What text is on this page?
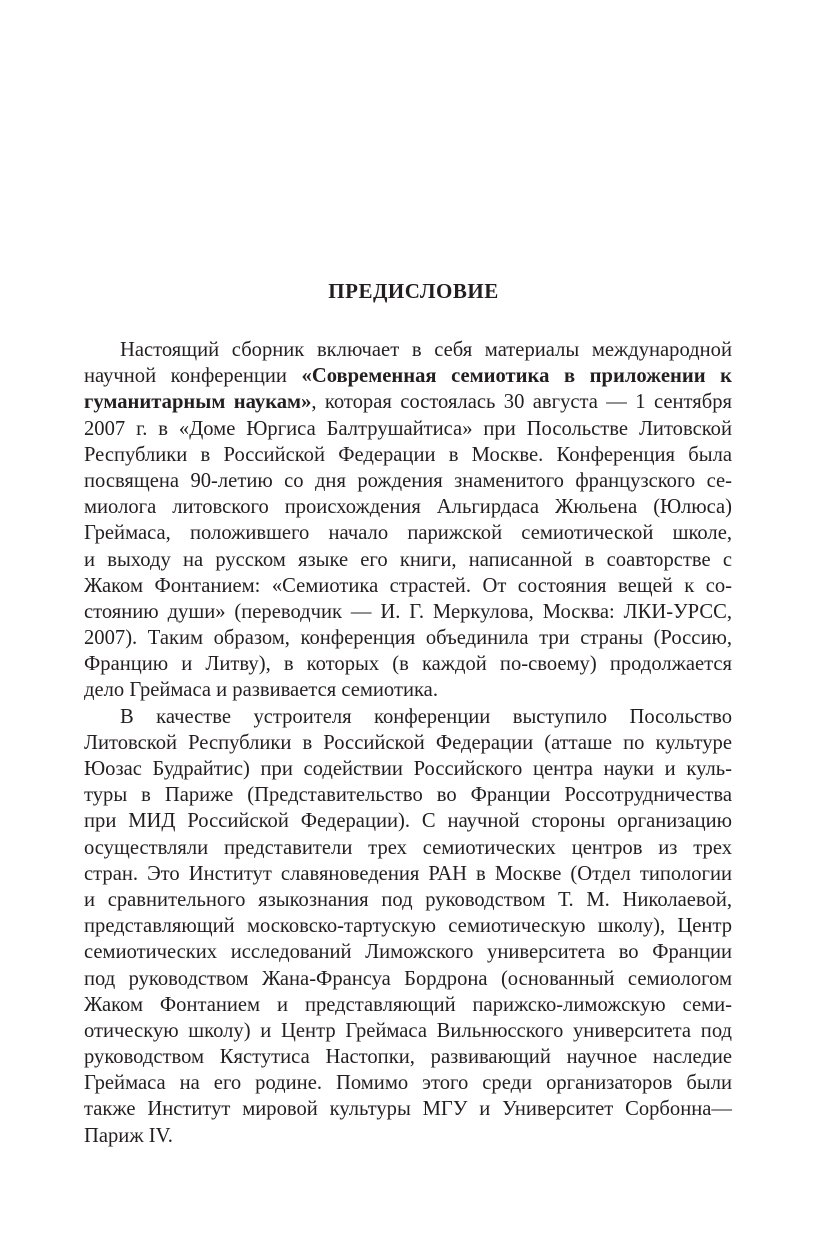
ПРЕДИСЛОВИЕ
Настоящий сборник включает в себя материалы международной
научной конференции «Современная семиотика в приложении к
гуманитарным наукам», которая состоялась 30 августа — 1 сентября
2007 г. в «Доме Юргиса Балтрушайтиса» при Посольстве Литовской
Республики в Российской Федерации в Москве. Конференция была
посвящена 90-летию со дня рождения знаменитого французского се-
миолога литовского происхождения Альгирдаса Жюльена (Юлюса)
Греймаса, положившего начало парижской семиотической школе,
и выходу на русском языке его книги, написанной в соавторстве с
Жаком Фонтанием: «Семиотика страстей. От состояния вещей к со-
стоянию души» (переводчик — И. Г. Меркулова, Москва: ЛКИ-УРСС,
2007). Таким образом, конференция объединила три страны (Россию,
Францию и Литву), в которых (в каждой по-своему) продолжается
дело Греймаса и развивается семиотика.
В качестве устроителя конференции выступило Посольство
Литовской Республики в Российской Федерации (атташе по культуре
Юозас Будрайтис) при содействии Российского центра науки и куль-
туры в Париже (Представительство во Франции Россотрудничества
при МИД Российской Федерации). С научной стороны организацию
осуществляли представители трех семиотических центров из трех
стран. Это Институт славяноведения РАН в Москве (Отдел типологии
и сравнительного языкознания под руководством Т. М. Николаевой,
представляющий московско-тартускую семиотическую школу), Центр
семиотических исследований Лиможского университета во Франции
под руководством Жана-Франсуа Бордрона (основанный семиологом
Жаком Фонтанием и представляющий парижско-лиможскую семи-
отическую школу) и Центр Греймаса Вильнюсского университета под
руководством Кястутиса Настопки, развивающий научное наследие
Греймаса на его родине. Помимо этого среди организаторов были
также Институт мировой культуры МГУ и Университет Сорбонна—
Париж IV.
